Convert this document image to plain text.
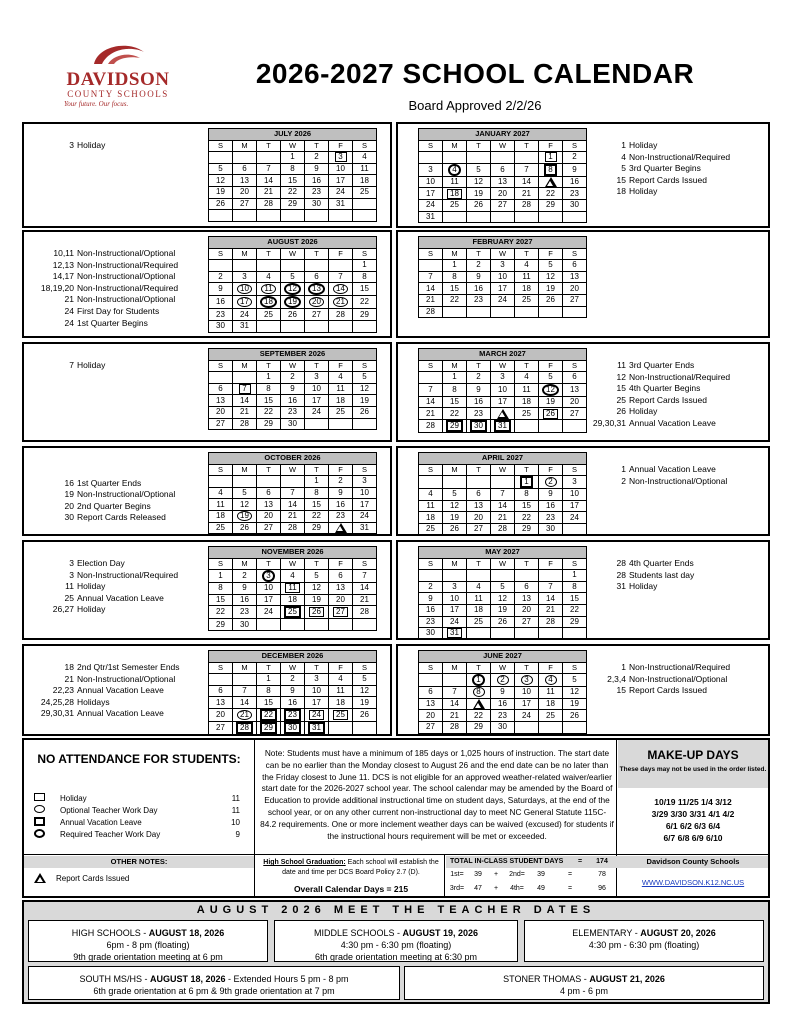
DAVIDSON
COUNTY SCHOOLS
Your future. Our focus.
2026-2027 SCHOOL CALENDAR
Board Approved 2/2/26
JULY 2026						
S	M	T	W	T	F	S
			1	2	3	4
5	6	7	8	9	10	11
12	13	14	15	16	17	18
19	20	21	22	23	24	25
26	27	28	29	30	31	

JANUARY 2027						
S	M	T	W	T	F	S
					1	2
3	4	5	6	7	8	9
10	11	12	13	14	15	16
17	18	19	20	21	22	23
24	25	26	27	28	29	30
31						
3 Holiday	1 Holiday
4 Non-Instructional/Required
5 3rd Quarter Begins
15 Report Cards Issued
18 Holiday
AUGUST 2026						
S	M	T	W	T	F	S
						1
2	3	4	5	6	7	8
9	10	11	12	13	14	15
16	17	18	19	20	21	22
23	24	25	26	27	28	29
30	31					
FEBRUARY 2027						
S	M	T	W	T	F	S
	1	2	3	4	5	6
7	8	9	10	11	12	13
14	15	16	17	18	19	20
21	22	23	24	25	26	27
28						
10,11 Non-Instructional/Optional
12,13 Non-Instructional/Required
14,17 Non-Instructional/Optional
18,19,20 Non-Instructional/Required
21 Non-Instructional/Optional
24 First Day for Students
24 1st Quarter Begins
SEPTEMBER 2026						
S	M	T	W	T	F	S
		1	2	3	4	5
6	7	8	9	10	11	12
13	14	15	16	17	18	19
20	21	22	23	24	25	26
27	28	29	30			
MARCH 2027						
S	M	T	W	T	F	S
	1	2	3	4	5	6
7	8	9	10	11	12	13
14	15	16	17	18	19	20
21	22	23	24	25	26	27
28	29	30	31			
7 Holiday	11 3rd Quarter Ends
12 Non-Instructional/Required
15 4th Quarter Begins
25 Report Cards Issued
26 Holiday
29,30,31 Annual Vacation Leave
OCTOBER 2026						
S	M	T	W	T	F	S
				1	2	3
4	5	6	7	8	9	10
11	12	13	14	15	16	17
18	19	20	21	22	23	24
25	26	27	28	29	30	31
APRIL 2027						
S	M	T	W	T	F	S
				1	2	3
4	5	6	7	8	9	10
11	12	13	14	15	16	17
18	19	20	21	22	23	24
25	26	27	28	29	30	
16 1st Quarter Ends
19 Non-Instructional/Optional
20 2nd Quarter Begins
30 Report Cards Released
1 Annual Vacation Leave
2 Non-Instructional/Optional
NOVEMBER 2026						
S	M	T	W	T	F	S
1	2	3	4	5	6	7
8	9	10	11	12	13	14
15	16	17	18	19	20	21
22	23	24	25	26	27	28
29	30					
MAY 2027						
S	M	T	W	T	F	S
						1
2	3	4	5	6	7	8
9	10	11	12	13	14	15
16	17	18	19	20	21	22
23	24	25	26	27	28	29
30	31					
3 Election Day
3 Non-Instructional/Required
11 Holiday
25 Annual Vacation Leave
26,27 Holiday
28 4th Quarter Ends
28 Students last day
31 Holiday
DECEMBER 2026						
S	M	T	W	T	F	S
		1	2	3	4	5
6	7	8	9	10	11	12
13	14	15	16	17	18	19
20	21	22	23	24	25	26
27	28	29	30	31		
JUNE 2027						
S	M	T	W	T	F	S
		1	2	3	4	5
6	7	8	9	10	11	12
13	14	15	16	17	18	19
20	21	22	23	24	25	26
27	28	29	30			
18 2nd Qtr/1st Semester Ends
21 Non-Instructional/Optional
22,23 Annual Vacation Leave
24,25,28 Holidays
29,30,31 Annual Vacation Leave
1 Non-Instructional/Required
2,3,4 Non-Instructional/Optional
15 Report Cards Issued
NO ATTENDANCE FOR STUDENTS:
Holiday	11
Optional Teacher Work Day	11
Annual Vacation Leave	10
Required Teacher Work Day	9
Note: Students must have a minimum of 185 days or 1,025 hours of instruction. The start date can be no earlier than the Monday closest to August 26 and the end date can be no later than the Friday closest to June 11. DCS is not eligible for an approved weather-related waiver/earlier start date for the 2026-2027 school year. The school calendar may be amended by the Board of Education to provide additional instructional time on student days, Saturdays, at the end of the school year, or on any other current non-instructional day to meet NC General Statute 115C-84.2 requirements. One or more inclement weather days can be waived (excused) for students if the instructional hours requirement will be met or exceeded.
MAKE-UP DAYS
These days may not be used in the order listed.
10/19 11/25 1/4 3/12
3/29 3/30 3/31 4/1 4/2
6/1 6/2 6/3 6/4
6/7 6/8 6/9 6/10
OTHER NOTES:
Report Cards Issued
High School Graduation: Each school will establish the date and time per DCS Board Policy 2.7 (D).
Overall Calendar Days = 215
TOTAL IN-CLASS STUDENT DAYS	=	174
1st=	39	+	2nd=	39	=	78
3rd=	47	+	4th=	49	=	96
Davidson County Schools
WWW.DAVIDSON.K12.NC.US
AUGUST 2026 MEET THE TEACHER DATES
HIGH SCHOOLS - AUGUST 18, 2026
6pm - 8 pm (floating)
9th grade orientation meeting at 6 pm
MIDDLE SCHOOLS - AUGUST 19, 2026
4:30 pm - 6:30 pm (floating)
6th grade orientation meeting at 6:30 pm
ELEMENTARY - AUGUST 20, 2026
4:30 pm - 6:30 pm (floating)
SOUTH MS/HS - AUGUST 18, 2026 - Extended Hours 5 pm - 8 pm
6th grade orientation at 6 pm & 9th grade orientation at 7 pm
STONER THOMAS - AUGUST 21, 2026
4 pm - 6 pm
